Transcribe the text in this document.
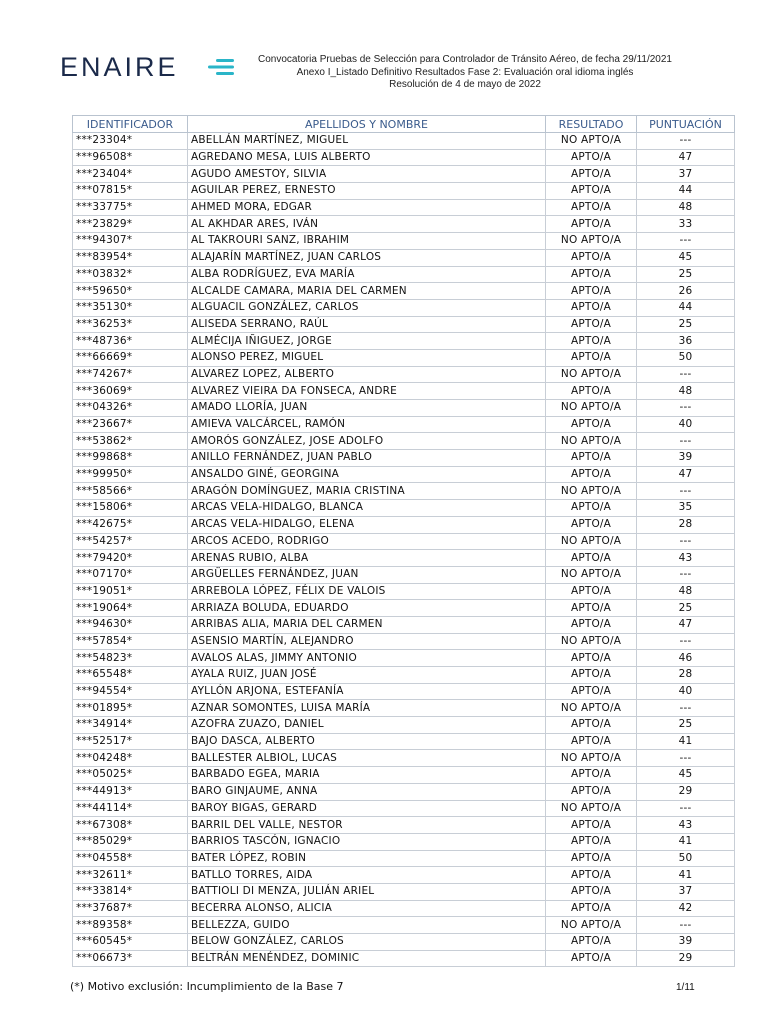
ENAIRE	Convocatoria Pruebas de Selección para Controlador de Tránsito Aéreo, de fecha 29/11/2021
Anexo I_Listado Definitivo Resultados Fase 2: Evaluación oral idioma inglés
Resolución de 4 de mayo de 2022
IDENTIFICADOR	APELLIDOS Y NOMBRE	RESULTADO	PUNTUACIÓN
***23304*	ABELLÁN MARTÍNEZ, MIGUEL	NO APTO/A	---
***96508*	AGREDANO MESA, LUIS ALBERTO	APTO/A	47
***23404*	AGUDO AMESTOY, SILVIA	APTO/A	37
***07815*	AGUILAR PEREZ, ERNESTO	APTO/A	44
***33775*	AHMED MORA, EDGAR	APTO/A	48
***23829*	AL AKHDAR ARES, IVÁN	APTO/A	33
***94307*	AL TAKROURI SANZ, IBRAHIM	NO APTO/A	---
***83954*	ALAJARÍN MARTÍNEZ, JUAN CARLOS	APTO/A	45
***03832*	ALBA RODRÍGUEZ, EVA MARÍA	APTO/A	25
***59650*	ALCALDE CAMARA, MARIA DEL CARMEN	APTO/A	26
***35130*	ALGUACIL GONZÁLEZ, CARLOS	APTO/A	44
***36253*	ALISEDA SERRANO, RAÚL	APTO/A	25
***48736*	ALMÉCIJA IÑIGUEZ, JORGE	APTO/A	36
***66669*	ALONSO PEREZ, MIGUEL	APTO/A	50
***74267*	ALVAREZ LOPEZ, ALBERTO	NO APTO/A	---
***36069*	ALVAREZ VIEIRA DA FONSECA, ANDRE	APTO/A	48
***04326*	AMADO LLORÍA, JUAN	NO APTO/A	---
***23667*	AMIEVA VALCÁRCEL, RAMÓN	APTO/A	40
***53862*	AMORÓS GONZÁLEZ, JOSE ADOLFO	NO APTO/A	---
***99868*	ANILLO FERNÁNDEZ, JUAN PABLO	APTO/A	39
***99950*	ANSALDO GINÉ, GEORGINA	APTO/A	47
***58566*	ARAGÓN DOMÍNGUEZ, MARIA CRISTINA	NO APTO/A	---
***15806*	ARCAS VELA-HIDALGO, BLANCA	APTO/A	35
***42675*	ARCAS VELA-HIDALGO, ELENA	APTO/A	28
***54257*	ARCOS ACEDO, RODRIGO	NO APTO/A	---
***79420*	ARENAS RUBIO, ALBA	APTO/A	43
***07170*	ARGÜELLES FERNÁNDEZ, JUAN	NO APTO/A	---
***19051*	ARREBOLA LÓPEZ, FÉLIX DE VALOIS	APTO/A	48
***19064*	ARRIAZA BOLUDA, EDUARDO	APTO/A	25
***94630*	ARRIBAS ALIA, MARIA DEL CARMEN	APTO/A	47
***57854*	ASENSIO MARTÍN, ALEJANDRO	NO APTO/A	---
***54823*	AVALOS ALAS, JIMMY ANTONIO	APTO/A	46
***65548*	AYALA RUIZ, JUAN JOSÉ	APTO/A	28
***94554*	AYLLÓN ARJONA, ESTEFANÍA	APTO/A	40
***01895*	AZNAR SOMONTES, LUISA MARÍA	NO APTO/A	---
***34914*	AZOFRA ZUAZO, DANIEL	APTO/A	25
***52517*	BAJO DASCA, ALBERTO	APTO/A	41
***04248*	BALLESTER ALBIOL, LUCAS	NO APTO/A	---
***05025*	BARBADO EGEA, MARIA	APTO/A	45
***44913*	BARO GINJAUME, ANNA	APTO/A	29
***44114*	BAROY BIGAS, GERARD	NO APTO/A	---
***67308*	BARRIL DEL VALLE, NESTOR	APTO/A	43
***85029*	BARRIOS TASCÓN, IGNACIO	APTO/A	41
***04558*	BATER LÓPEZ, ROBIN	APTO/A	50
***32611*	BATLLO TORRES, AIDA	APTO/A	41
***33814*	BATTIOLI DI MENZA, JULIÁN ARIEL	APTO/A	37
***37687*	BECERRA ALONSO, ALICIA	APTO/A	42
***89358*	BELLEZZA, GUIDO	NO APTO/A	---
***60545*	BELOW GONZÁLEZ, CARLOS	APTO/A	39
***06673*	BELTRÁN MENÉNDEZ, DOMINIC	APTO/A	29
(*) Motivo exclusión: Incumplimiento de la Base 7	1/11
